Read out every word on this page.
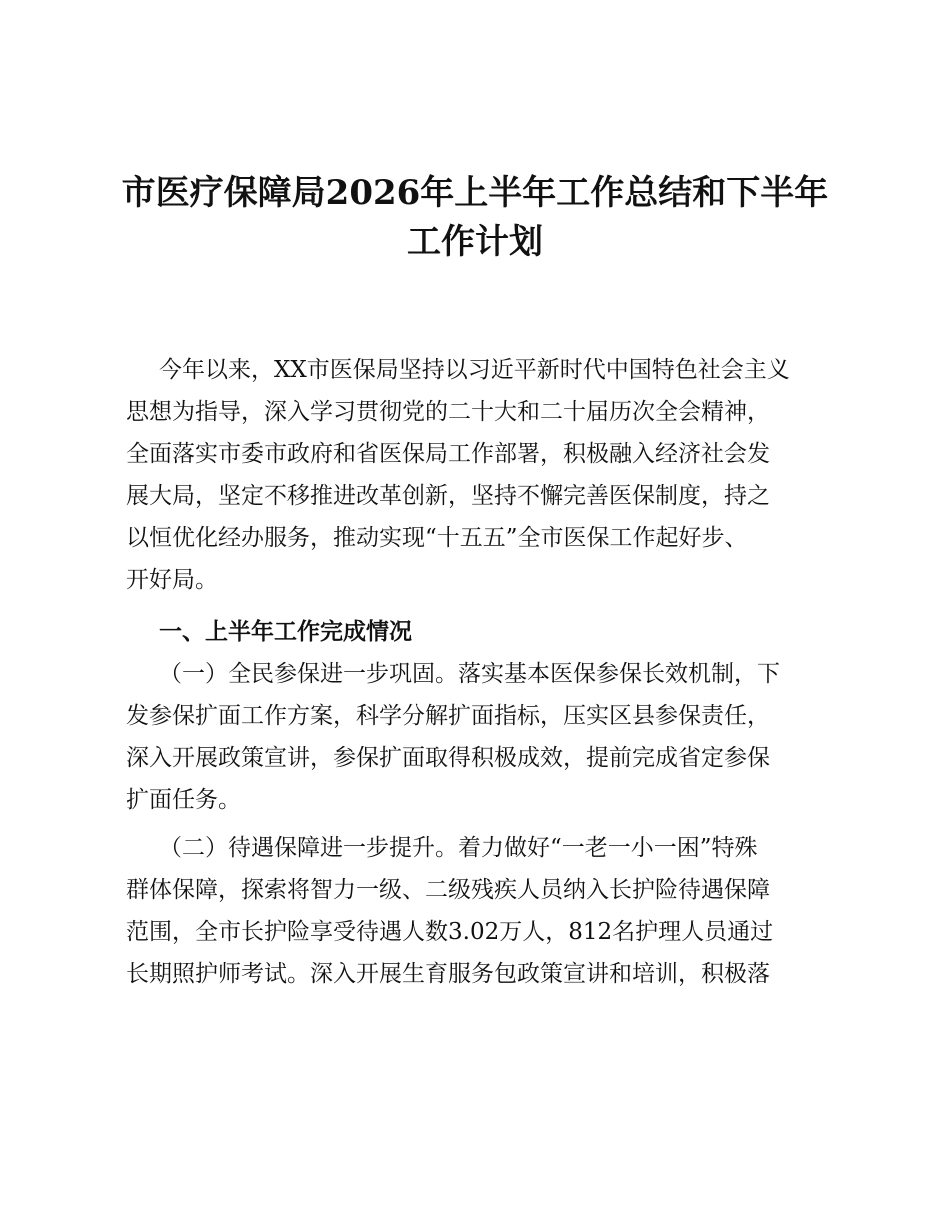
市医疗保障局2026年上半年工作总结和下半年
工作计划
今年以来，XX市医保局坚持以习近平新时代中国特色社会主义
思想为指导，深入学习贯彻党的二十大和二十届历次全会精神，
全面落实市委市政府和省医保局工作部署，积极融入经济社会发
展大局，坚定不移推进改革创新，坚持不懈完善医保制度，持之
以恒优化经办服务，推动实现“十五五”全市医保工作起好步、
开好局。
一、上半年工作完成情况
（一）全民参保进一步巩固。落实基本医保参保长效机制，下
发参保扩面工作方案，科学分解扩面指标，压实区县参保责任，
深入开展政策宣讲，参保扩面取得积极成效，提前完成省定参保
扩面任务。
（二）待遇保障进一步提升。着力做好“一老一小一困”特殊
群体保障，探索将智力一级、二级残疾人员纳入长护险待遇保障
范围，全市长护险享受待遇人数3.02万人，812名护理人员通过
长期照护师考试。深入开展生育服务包政策宣讲和培训，积极落
